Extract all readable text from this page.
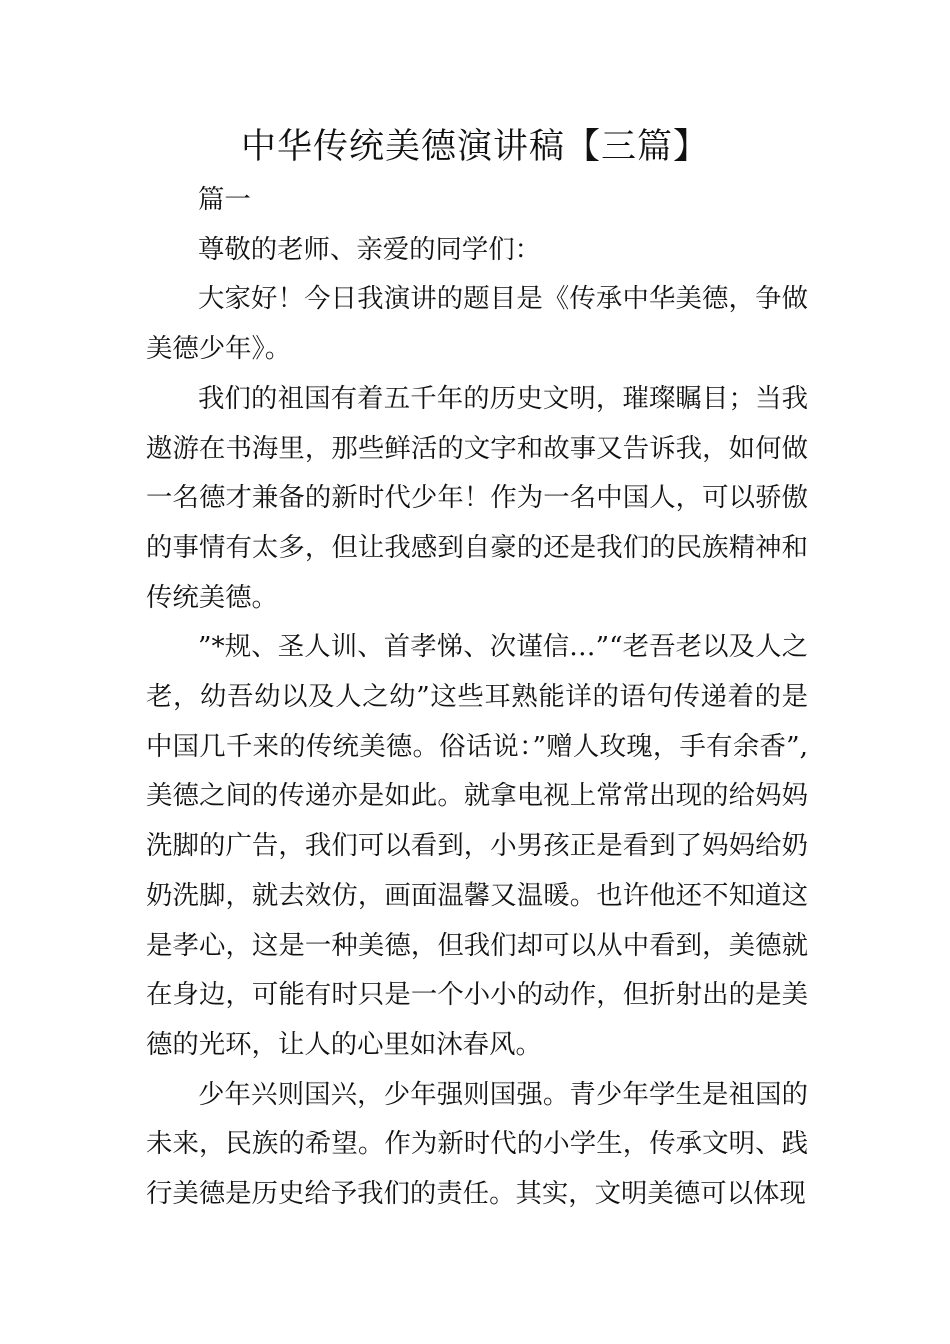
中华传统美德演讲稿【三篇】

篇一

尊敬的老师、亲爱的同学们：

大家好！今日我演讲的题目是《传承中华美德，争做美德少年》。

我们的祖国有着五千年的历史文明，璀璨瞩目；当我遨游在书海里，那些鲜活的文字和故事又告诉我，如何做一名德才兼备的新时代少年！作为一名中国人，可以骄傲的事情有太多，但让我感到自豪的还是我们的民族精神和传统美德。

”*规、圣人训、首孝悌、次谨信…”“老吾老以及人之老，幼吾幼以及人之幼”这些耳熟能详的语句传递着的是中国几千来的传统美德。俗话说：”赠人玫瑰，手有余香”,美德之间的传递亦是如此。就拿电视上常常出现的给妈妈洗脚的广告，我们可以看到，小男孩正是看到了妈妈给奶奶洗脚，就去效仿，画面温馨又温暖。也许他还不知道这是孝心，这是一种美德，但我们却可以从中看到，美德就在身边，可能有时只是一个小小的动作，但折射出的是美德的光环，让人的心里如沐春风。

少年兴则国兴，少年强则国强。青少年学生是祖国的未来，民族的希望。作为新时代的小学生，传承文明、践行美德是历史给予我们的责任。其实，文明美德可以体现
